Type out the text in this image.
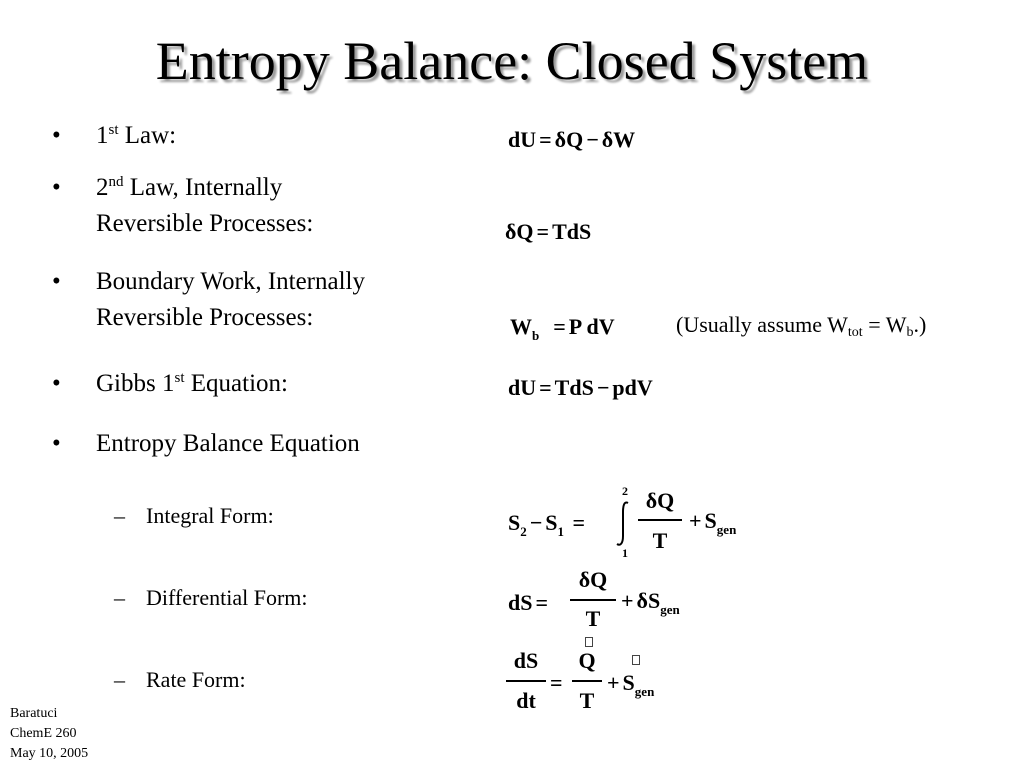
Entropy Balance: Closed System
• 1st Law:
• 2nd Law, Internally Reversible Processes:
• Boundary Work, Internally Reversible Processes:
• Gibbs 1st Equation:
• Entropy Balance Equation
– Integral Form:
– Differential Form:
– Rate Form:
dU = δQ − δW
δQ = TdS
$W_b = P$ dV	(Usually assume $W_{tot} = W_b$.)
dU = TdS − pdV
$S_2 - S_1$ =
2
1
δQ
T
+ $S_{gen}$
dS =
δQ
T
+ $\delta S_{gen}$
dS
dt
=
Q
T
+ $S_{gen}$
Baratuci
ChemE 260
May 10, 2005
